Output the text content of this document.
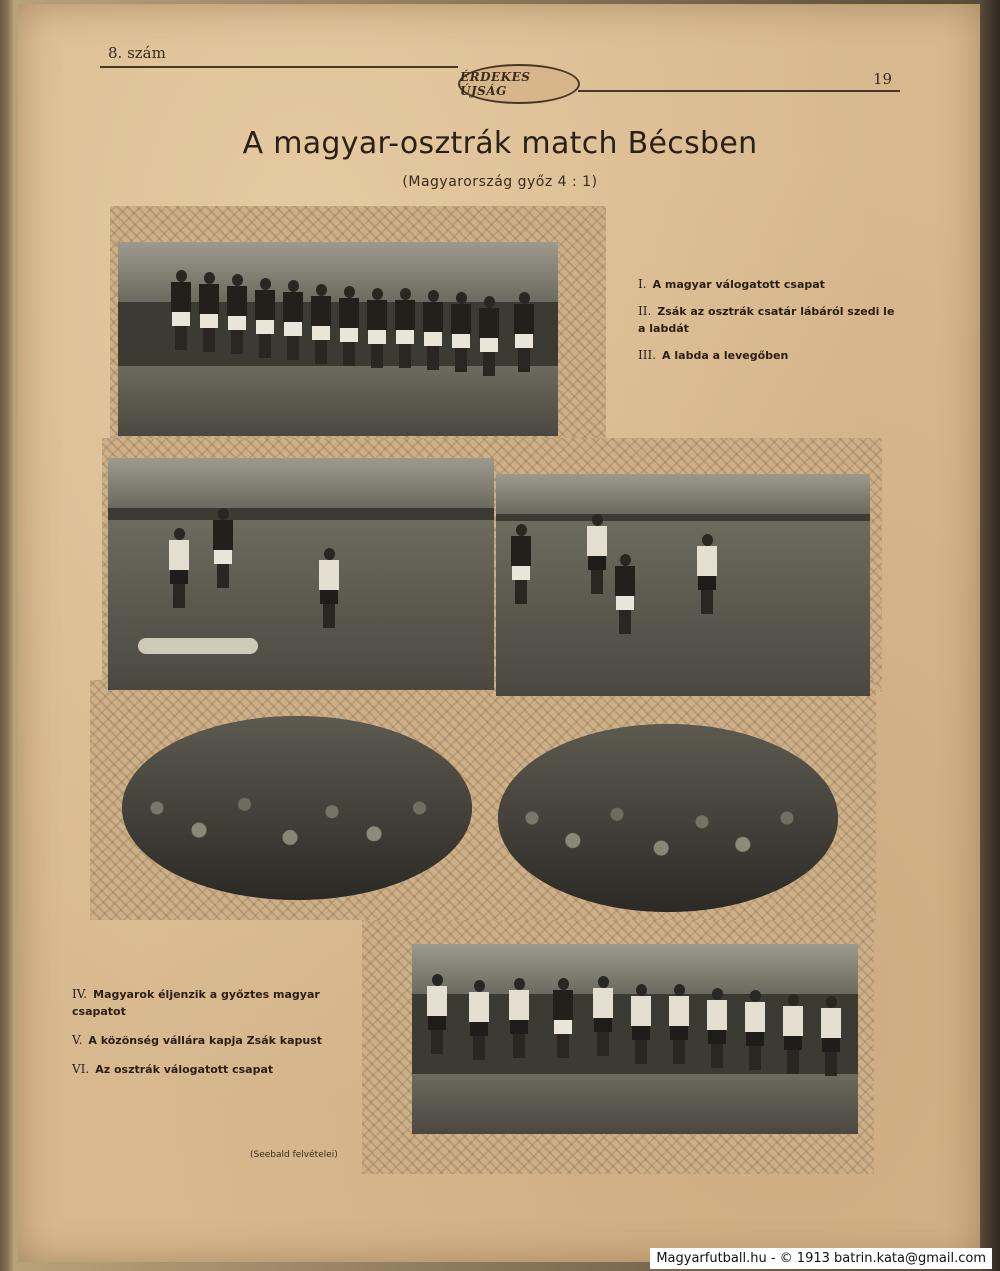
8. szám
ÉRDEKES ÚJSÁG
19
A magyar-osztrák match Bécsben
(Magyarország győz 4 : 1)
I. A magyar válogatott csapat
II. Zsák az osztrák csatár lábáról szedi le a labdát
III. A labda a levegőben
IV. Magyarok éljenzik a győztes magyar csapatot
V. A közönség vállára kapja Zsák kapust
VI. Az osztrák válogatott csapat
(Seebald felvételei)
Magyarfutball.hu - © 1913 batrin.kata@gmail.com
